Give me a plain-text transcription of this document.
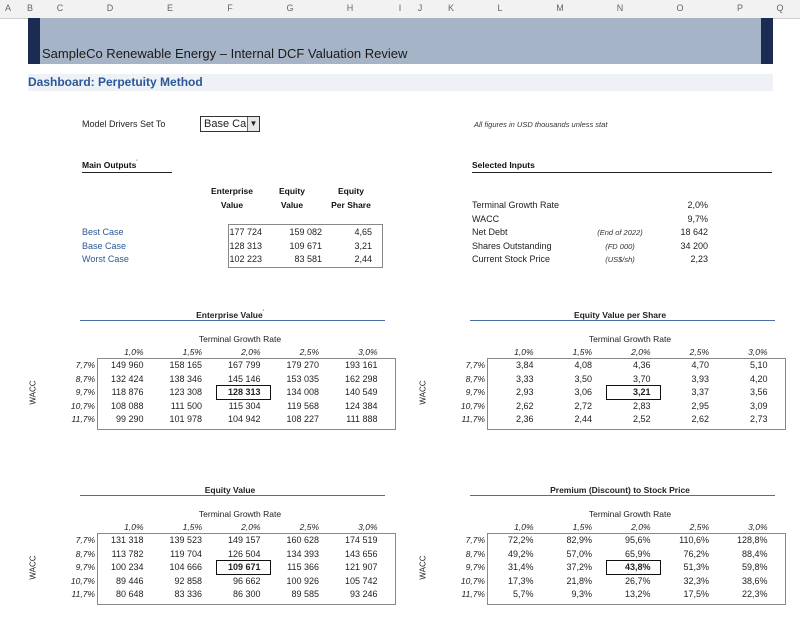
A B	C	D	E	F	G	H	I J	K	L	M	N	O	P	Q
SampleCo Renewable Energy – Internal DCF Valuation Review
Dashboard: Perpetuity Method
Model Drivers Set To	Base Ca ▼	All figures in USD thousands unless stat
Main Outputs'
Enterprise
Value
Equity
Value
Equity
Per Share
Best Case	177 724	159 082	4,65
Base Case	128 313	109 671	3,21
Worst Case	102 223	83 581	2,44
Selected Inputs
Terminal Growth Rate	2,0%
WACC	9,7%
Net Debt	(End of 2022)	18 642
Shares Outstanding	(FD 000)	34 200
Current Stock Price	(US$/sh)	2,23
Enterprise Value'
Terminal Growth Rate
1,0%	1,5%	2,0%	2,5%	3,0%
WACC
7,7%	149 960	158 165	167 799	179 270	193 161
8,7%	132 424	138 346	145 146	153 035	162 298
9,7%	118 876	123 308	128 313	134 008	140 549
10,7%	108 088	111 500	115 304	119 568	124 384
11,7%	99 290	101 978	104 942	108 227	111 888
Equity Value per Share
Terminal Growth Rate
1,0%	1,5%	2,0%	2,5%	3,0%
WACC
7,7%	3,84	4,08	4,36	4,70	5,10
8,7%	3,33	3,50	3,70	3,93	4,20
9,7%	2,93	3,06	3,21	3,37	3,56
10,7%	2,62	2,72	2,83	2,95	3,09
11,7%	2,36	2,44	2,52	2,62	2,73
Equity Value
Terminal Growth Rate
1,0%	1,5%	2,0%	2,5%	3,0%
WACC
7,7%	131 318	139 523	149 157	160 628	174 519
8,7%	113 782	119 704	126 504	134 393	143 656
9,7%	100 234	104 666	109 671	115 366	121 907
10,7%	89 446	92 858	96 662	100 926	105 742
11,7%	80 648	83 336	86 300	89 585	93 246
Premium (Discount) to Stock Price
Terminal Growth Rate
1,0%	1,5%	2,0%	2,5%	3,0%
WACC
7,7%	72,2%	82,9%	95,6%	110,6%	128,8%
8,7%	49,2%	57,0%	65,9%	76,2%	88,4%
9,7%	31,4%	37,2%	43,8%	51,3%	59,8%
10,7%	17,3%	21,8%	26,7%	32,3%	38,6%
11,7%	5,7%	9,3%	13,2%	17,5%	22,3%
